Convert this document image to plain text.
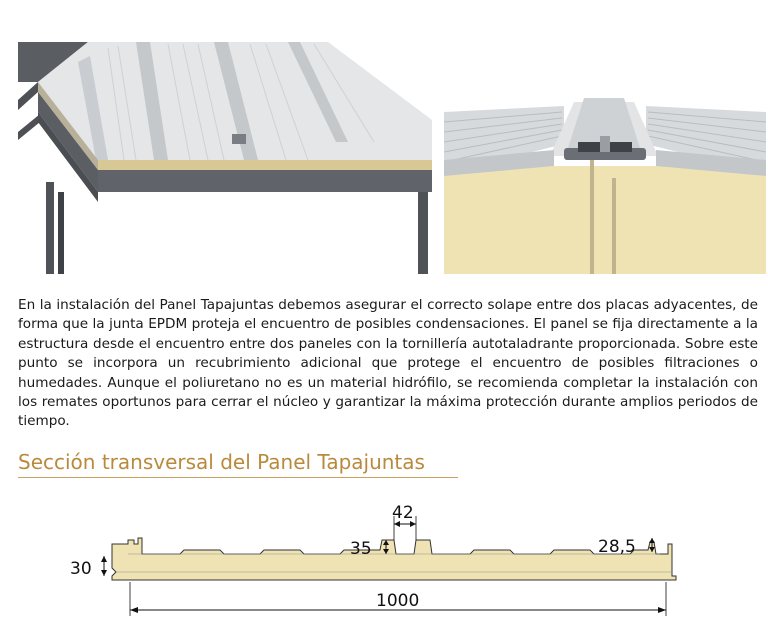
En la instalación del Panel Tapajuntas debemos asegurar el correcto solape entre dos placas adyacentes, de forma que la junta EPDM proteja el encuentro de posibles condensaciones. El panel se fija directamente a la estructura desde el encuentro entre dos paneles con la tornillería autotaladrante proporcionada. Sobre este punto se incorpora un recubrimiento adicional que protege el encuentro de posibles filtraciones o humedades. Aunque el poliuretano no es un material hidrófilo, se recomienda completar la instalación con los remates oportunos para cerrar el núcleo y garantizar la máxima protección durante amplios periodos de tiempo.

Sección transversal del Panel Tapajuntas
30
35
42
28,5
1000
